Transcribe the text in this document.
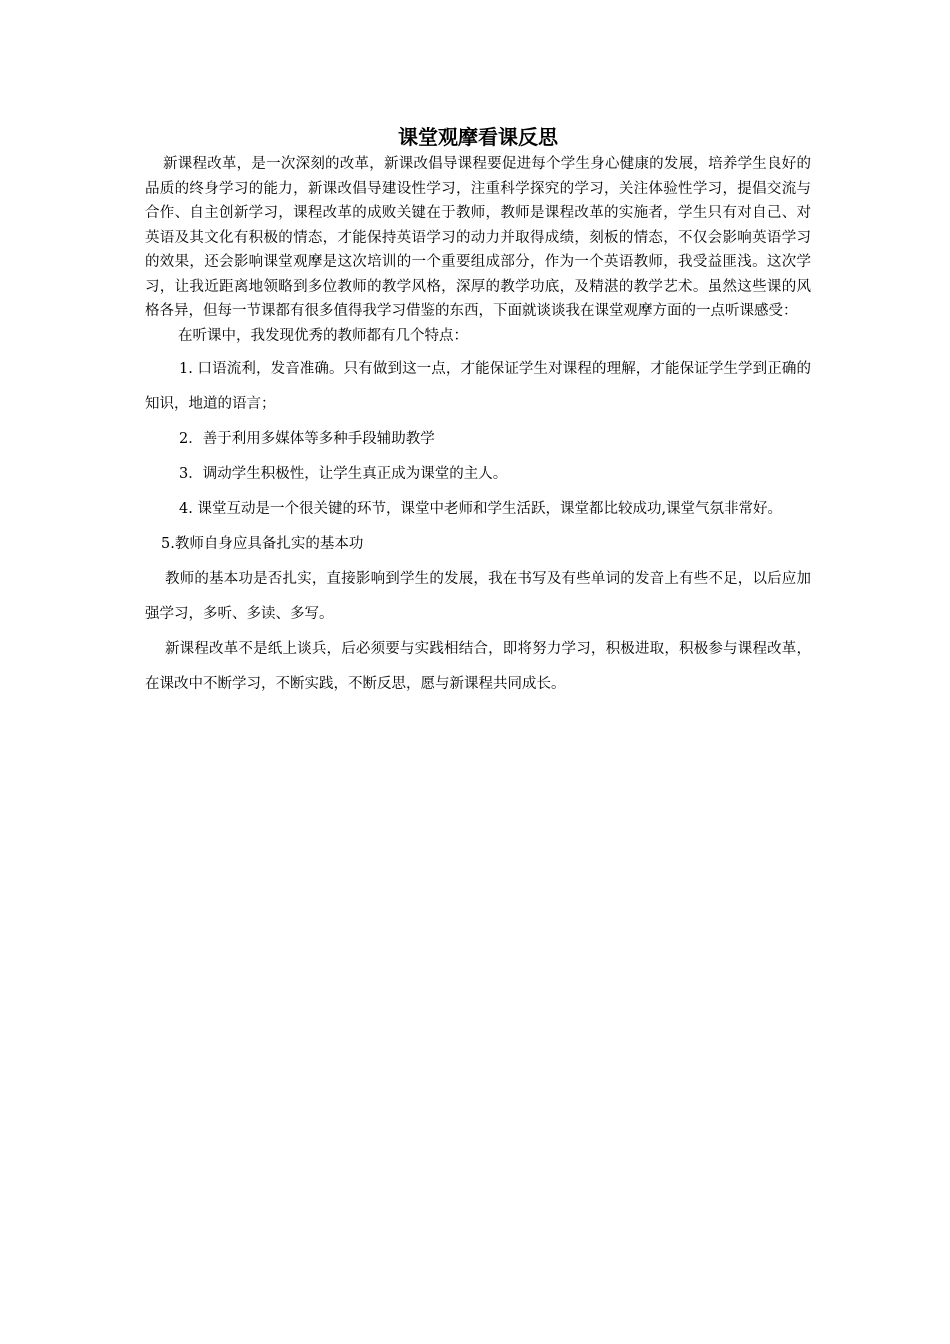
课堂观摩看课反思

新课程改革，是一次深刻的改革，新课改倡导课程要促进每个学生身心健康的发展，培养学生良好的品质的终身学习的能力，新课改倡导建设性学习，注重科学探究的学习，关注体验性学习，提倡交流与合作、自主创新学习，课程改革的成败关键在于教师，教师是课程改革的实施者，学生只有对自己、对英语及其文化有积极的情态，才能保持英语学习的动力并取得成绩，刻板的情态，不仅会影响英语学习的效果，还会影响课堂观摩是这次培训的一个重要组成部分，作为一个英语教师，我受益匪浅。这次学习，让我近距离地领略到多位教师的教学风格，深厚的教学功底，及精湛的教学艺术。虽然这些课的风格各异，但每一节课都有很多值得我学习借鉴的东西，下面就谈谈我在课堂观摩方面的一点听课感受：

在听课中，我发现优秀的教师都有几个特点：

1. 口语流利，发音准确。只有做到这一点，才能保证学生对课程的理解，才能保证学生学到正确的知识，地道的语言；

2．善于利用多媒体等多种手段辅助教学

3．调动学生积极性，让学生真正成为课堂的主人。

4. 课堂互动是一个很关键的环节，课堂中老师和学生活跃，课堂都比较成功,课堂气氛非常好。

5.教师自身应具备扎实的基本功

教师的基本功是否扎实，直接影响到学生的发展，我在书写及有些单词的发音上有些不足，以后应加强学习，多听、多读、多写。

新课程改革不是纸上谈兵，后必须要与实践相结合，即将努力学习，积极进取，积极参与课程改革，在课改中不断学习，不断实践，不断反思，愿与新课程共同成长。
